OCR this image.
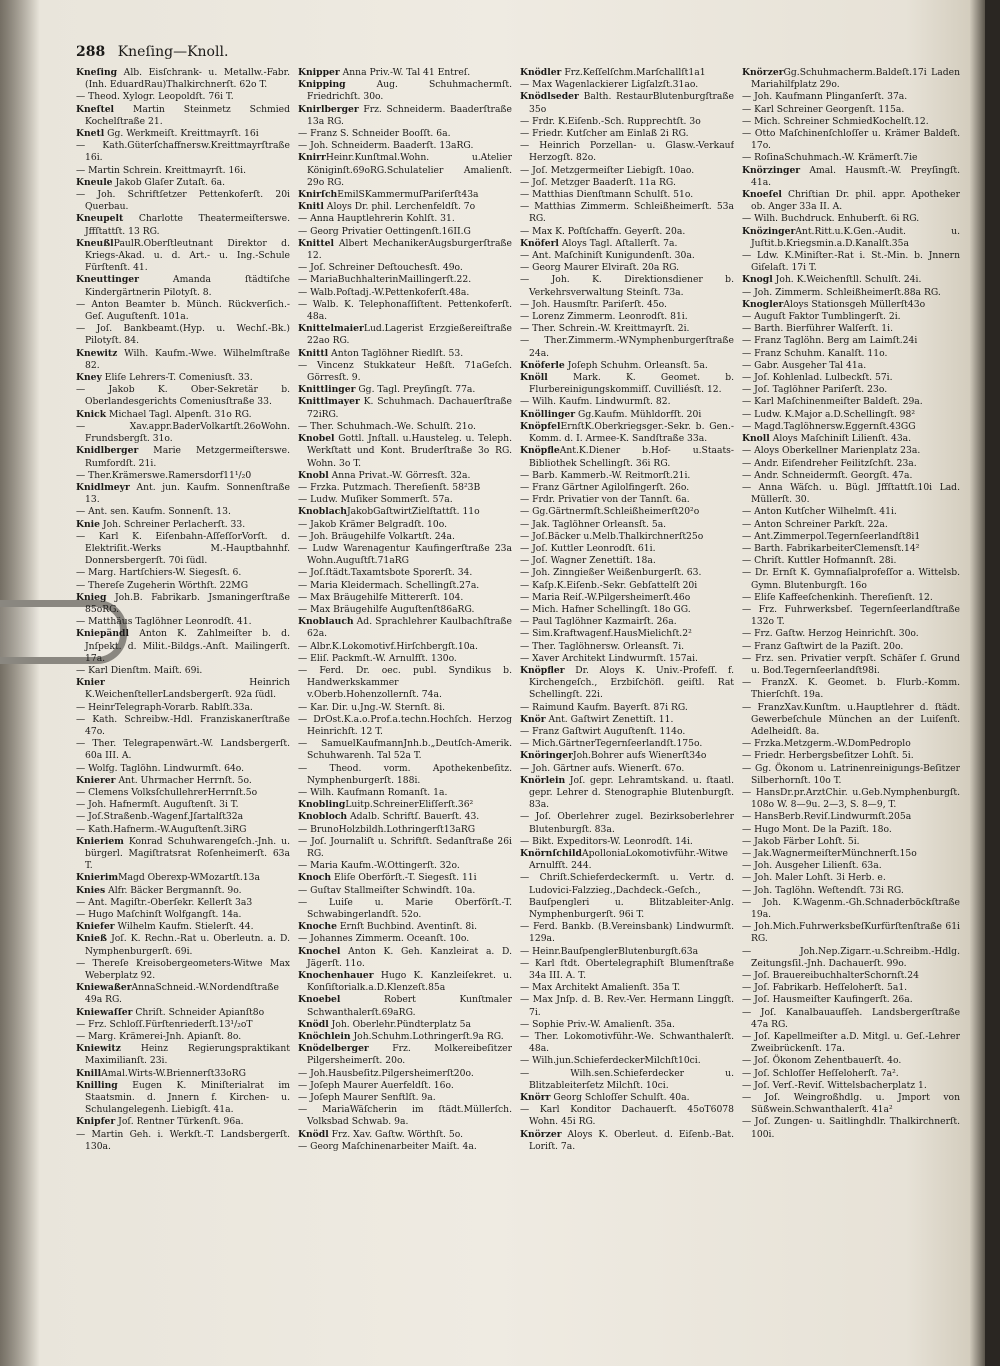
288 Kneſing—Knoll.

Kneſing Alb. Eisſchrank- u. Metallw.-Fabr. (Inh. EduardRau)Thalkirchnerſt. 62o T.

— Theod. Xylogr. Leopoldſt. 76i T.

Kneſtel Martin Steinmetz Schmied Kochelſtraße 21.

Knetl Gg. Werkmeiſt. Kreittmayrſt. 16i

— Kath.Güterſchaffnersw.Kreittmayrſtraße 16i.

— Martin Schrein. Kreittmayrſt. 16i.

Kneule Jakob Glaſer Zutaſt. 6a.

— Joh. Schriftſetzer Pettenkoferſt. 20i Querbau.

Kneupelt Charlotte Theatermeiſterswe. Jffſtattſt. 13 RG.

KneußlPaulR.Oberſtleutnant Direktor d. Kriegs-Akad. u. d. Art.- u. Ing.-Schule Fürſtenſt. 41.

Kneuttinger Amanda ſtädtiſche Kindergärtnerin Pilotyſt. 8.

— Anton Beamter b. Münch. Rückverſich.-Geſ. Auguſtenſt. 101a.

— Joſ. Bankbeamt.(Hyp. u. Wechſ.-Bk.) Pilotyſt. 84.

Knewitz Wilh. Kaufm.-Wwe. Wilhelmſtraße 82.

Kney Eliſe Lehrers-T. Comeniusſt. 33.

— Jakob K. Ober-Sekretär b. Oberlandesgerichts Comeniusſtraße 33.

Knick Michael Tagl. Alpenſt. 31o RG.

— Xav.appr.BaderVolkartſt.26oWohn. Frundsbergſt. 31o.

Knidlberger Marie Metzgermeiſterswe. Rumfordſt. 21i.

— Ther.Krämerswe.Ramersdorf11¹/₂0

Knidlmeyr Ant. jun. Kaufm. Sonnenſtraße 13.

— Ant. sen. Kaufm. Sonnenſt. 13.

Knie Joh. Schreiner Perlacherſt. 33.

— Karl K. Eiſenbahn-AſſeſſorVorſt. d. Elektriſit.-Werks M.-Hauptbahnhf. Donnersbergerſt. 70i ſüdl.

— Marg. Hartſchiers-W. Siegesſt. 6.

— Thereſe Zugeherin Wörthſt. 22MG

Knieg Joh.B. Fabrikarb. Jsmaningerſtraße 85oRG.

— Matthäus Taglöhner Leonrodſt. 41.

Kniepändl Anton K. Zahlmeiſter b. d. Jnſpekt. d. Milit.-Bildgs.-Anſt. Mailingerſt. 17a.

— Karl Dienſtm. Maiſt. 69i.

Knier Heinrich K.WeichenſtellerLandsbergerſt. 92a ſüdl.

— HeinrTelegraph-Vorarb. Rablſt.33a.

— Kath. Schreibw.-Hdl. Franziskanerſtraße 47o.

— Ther. Telegrapenwärt.-W. Landsbergerſt. 60a III. A.

— Wolfg. Taglöhn. Lindwurmſt. 64o.

Knierer Ant. Uhrmacher Herrnſt. 5o.

— Clemens VolksſchullehrerHerrnſt.5o

— Joh. Hafnermſt. Auguſtenſt. 3i T.

— Joſ.Straßenb.-Wagenf.Jſartalſt32a

— Kath.Hafnerm.-W.Auguſtenſt.3iRG

Knieriem Konrad Schuhwarengeſch.-Jnh. u. bürgerl. Magiſtratsrat Roſenheimerſt. 63a T.

KnierimMagd Oberexp-WMozartſt.13a

Knies Alfr. Bäcker Bergmannſt. 9o.

— Ant. Magiſtr.-Oberſekr. Kellerſt 3a3

— Hugo Maſchinſt Wolfgangſt. 14a.

Kniefer Wilhelm Kaufm. Stielerſt. 44.

Knieß Joſ. K. Rechn.-Rat u. Oberleutn. a. D. Nymphenburgerſt. 69i.

— Thereſe Kreisobergeometers-Witwe Max Weberplatz 92.

KniewaßerAnnaSchneid.-W.Nordendſtraße 49a RG.

Kniewaſſer Chriſt. Schneider Apianſt8o

— Frz. Schloſſ.Fürſtenriederſt.13¹/₂oT

— Marg. Krämerei-Jnh. Apianſt. 8o.

Kniewitz Heinz Regierungspraktikant Maximilianſt. 23i.

KnillAmal.Wirts-W.Briennerſt33oRG

Knilling Eugen K. Miniſterialrat im Staatsmin. d. Jnnern f. Kirchen- u. Schulangelegenh. Liebigſt. 41a.

Knipfer Joſ. Rentner Türkenſt. 96a.

— Martin Geh. i. Werkſt.-T. Landsbergerſt. 130a.

Knipper Anna Priv.-W. Tal 41 Entreſ.

Knipping Aug. Schuhmachermſt. Friedrichſt. 30o.

Knirlberger Frz. Schneiderm. Baaderſtraße 13a RG.

— Franz S. Schneider Booſſt. 6a.

— Joh. Schneiderm. Baaderſt. 13aRG.

KnirrHeinr.Kunſtmal.Wohn. u.Atelier Königinſt.69oRG.Schulatelier Amalienſt. 29o RG.

KnirſchEmilSKammermuſPariſerſt43a

Knitl Aloys Dr. phil. Lerchenfeldſt. 7o

— Anna Hauptlehrerin Kohlſt. 31.

— Georg Privatier Oettingenſt.16II.G

Knittel Albert MechanikerAugsburgerſtraße 12.

— Joſ. Schreiner Deſtouchesſt. 49o.

— MariaBuchhalterinMaillingerſt.22.

— Walb.Poſtadj.-W.Pettenkoferſt.48a.

— Walb. K. Telephonaſſiſtent. Pettenkoferſt. 48a.

KnittelmaierLud.Lagerist Erzgießereiſtraße 22ao RG.

Knittl Anton Taglöhner Riedlſt. 53.

— Vincenz Stukkateur Heßſt. 71aGeſch. Görresſt. 9.

Knittlinger Gg. Tagl. Preyſingſt. 77a.

Knittlmayer K. Schuhmach. Dachauerſtraße 72iRG.

— Ther. Schuhmach.-We. Schulſt. 21o.

Knobel Gottl. Jnſtall. u.Hausteleg. u. Teleph. Werkſtatt und Kont. Bruderſtraße 3o RG. Wohn. 3o T.

Knobl Anna Privat.-W. Görresſt. 32a.

— Frzka. Putzmach. Thereſienſt. 58²3B

— Ludw. Muſiker Sommerſt. 57a.

KnoblachJakobGaſtwirtZielſtattſt. 11o

— Jakob Krämer Belgradſt. 10o.

— Joh. Bräugehilfe Volkartſt. 24a.

— Ludw Warenagentur Kaufingerſtraße 23a Wohn.Auguſtſt.71aRG

— Joſ.ſtädt.Taxamtsbote Sporerſt. 34.

— Maria Kleidermach. Schellingſt.27a.

— Max Bräugehilfe Mittererſt. 104.

— Max Bräugehilfe Auguſtenſt86aRG.

Knoblauch Ad. Sprachlehrer Kaulbachſtraße 62a.

— Albr.K.Lokomotivf.Hirſchbergſt.10a.

— Eliſ. Packmſt.-W. Arnulfſt. 130o.

— Ferd. Dr. oec. publ. Syndikus b. Handwerkskammer v.Oberb.Hohenzollernſt. 74a.

— Kar. Dir. u.Jng.-W. Sternſt. 8i.

— DrOst.K.a.o.Prof.a.techn.Hochſch. Herzog Heinrichſt. 12 T.

— SamuelKaufmannJnh.b.„Deutſch-Amerik. Schuhwarenh. Tal 52a T.

— Theod. vorm. Apothekenbeſitz. Nymphenburgerſt. 188i.

— Wilh. Kaufmann Romanſt. 1a.

KnoblingLuitp.SchreinerEliſſerſt.36²

Knobloch Adalb. Schriftſ. Bauerſt. 43.

— BrunoHolzbildh.Lothringerſt13aRG

— Joſ. Journaliſt u. Schriftſt. Sedanſtraße 26i RG.

— Maria Kaufm.-W.Ottingerſt. 32o.

Knoch Eliſe Oberförſt.-T. Siegesſt. 11i

— Guſtav Stallmeiſter Schwindſt. 10a.

— Luiſe u. Marie Oberförſt.-T. Schwabingerlandſt. 52o.

Knoche Ernſt Buchbind. Aventinſt. 8i.

— Johannes Zimmerm. Oceanſt. 10o.

Knochel Anton K. Geh. Kanzleirat a. D. Jägerſt. 11o.

Knochenhauer Hugo K. Kanzleiſekret. u. Konſiſtorialk.a.D.Klenzeſt.85a

Knoebel Robert Kunſtmaler Schwanthalerſt.69aRG.

Knödl Joh. Oberlehr.Pündterplatz 5a

Knöchlein Joh.Schuhm.Lothringerſt.9a RG.

Knödelberger Frz. Molkereibeſitzer Pilgersheimerſt. 20o.

— Joh.Hausbeſitz.Pilgersheimerſt20o.

— Joſeph Maurer Auerfeldſt. 16o.

— Joſeph Maurer Senftlſt. 9a.

— MariaWäſcherin im ſtädt.Müllerſch. Volksbad Schwab. 9a.

Knödl Frz. Xav. Gaſtw. Wörthſt. 5o.

— Georg Maſchinenarbeiter Maiſt. 4a.

Knödler Frz.Keſſelſchm.Marſchallſt1a1

— Max Wagenlackierer Ligſalzſt.31ao.

Knödlseder Balth. RestaurBlutenburgſtraße 35o

— Frdr. K.Eiſenb.-Sch. Rupprechtſt. 3o

— Friedr. Kutſcher am Einlaß 2i RG.

— Heinrich Porzellan- u. Glasw.-Verkauf Herzogſt. 82o.

— Joſ. Metzgermeiſter Liebigſt. 10ao.

— Joſ. Metzger Baaderſt. 11a RG.

— Matthias Dienſtmann Schulſt. 51o.

— Matthias Zimmerm. Schleißheimerſt. 53a RG.

— Max K. Poſtſchaffn. Geyerſt. 20a.

Knöferl Aloys Tagl. Aſtallerſt. 7a.

— Ant. Maſchiniſt Kunigundenſt. 30a.

— Georg Maurer Elviraſt. 20a RG.

— Joh. K. Direktionsdiener b. Verkehrsverwaltung Steinſt. 73a.

— Joh. Hausmſtr. Pariſerſt. 45o.

— Lorenz Zimmerm. Leonrodſt. 81i.

— Ther. Schrein.-W. Kreittmayrſt. 2i.

— Ther.Zimmerm.-WNymphenburgerſtraße 24a.

Knöferle Joſeph Schuhm. Orleansſt. 5a.

Knöll Mark. K. Geomet. b. Flurbereinigungskommiſſ. Cuvilliésſt. 12.

— Wilh. Kaufm. Lindwurmſt. 82.

Knöllinger Gg.Kaufm. Mühldorfſt. 20i

KnöpfelErnſtK.Oberkriegsger.-Sekr. b. Gen.-Komm. d. I. Armee-K. Sandſtraße 33a.

KnöpfleAnt.K.Diener b.Hof- u.Staats-Bibliothek Schellingſt. 36i RG.

— Barb. Kammerb.-W. Reitmorſt.21i.

— Franz Gärtner Agilolfingerſt. 26o.

— Frdr. Privatier von der Tannſt. 6a.

— Gg.Gärtnermſt.Schleißheimerſt20²o

— Jak. Taglöhner Orleansſt. 5a.

— Joſ.Bäcker u.Melb.Thalkirchnerſt25o

— Joſ. Kuttler Leonrodſt. 61i.

— Joſ. Wagner Zenettiſt. 18a.

— Joh. Zinngießer Weißenburgerſt. 63.

— Kaſp.K.Eiſenb.-Sekr. Gebſattelſt 20i

— Maria Reiſ.-W.Pilgersheimerſt.46o

— Mich. Hafner Schellingſt. 18o GG.

— Paul Taglöhner Kazmairſt. 26a.

— Sim.Kraftwagenf.HausMielichſt.2²

— Ther. Taglöhnersw. Orleansſt. 7i.

— Xaver Architekt Lindwurmſt. 157ai.

Knöpfler Dr. Aloys K. Univ.-Profeſſ. f. Kirchengeſch., Erzbiſchöfl. geiſtl. Rat Schellingſt. 22i.

— Raimund Kaufm. Bayerſt. 87i RG.

Knör Ant. Gaſtwirt Zenettiſt. 11.

— Franz Gaſtwirt Auguſtenſt. 114o.

— Mich.GärtnerTegernſeerlandſt.175o.

KnöringerJoh.Bohrer aufs Wienerſt34o

— Joh. Gärtner aufs. Wienerſt. 67o.

Knörlein Joſ. gepr. Lehramtskand. u. ſtaatl. gepr. Lehrer d. Stenographie Blutenburgſt. 83a.

— Joſ. Oberlehrer zugel. Bezirksoberlehrer Blutenburgſt. 83a.

— Bikt. Expeditors-W. Leonrodſt. 14i.

KnörnſchildApolloniaLokomotivführ.-Witwe Arnulfſt. 244.

— Chriſt.Schieferdeckermſt. u. Vertr. d. Ludovici-Falzzieg.,Dachdeck.-Geſch., Bauſpengleri u. Blitzableiter-Anlg. Nymphenburgerſt. 96i T.

— Ferd. Bankb. (B.Vereinsbank) Lindwurmſt. 129a.

— Heinr.BauſpenglerBlutenburgſt.63a

— Karl ſtdt. Obertelegraphiſt Blumenſtraße 34a III. A. T.

— Max Architekt Amalienſt. 35a T.

— Max Jnſp. d. B. Rev.-Ver. Hermann Linggſt. 7i.

— Sophie Priv.-W. Amalienſt. 35a.

— Ther. Lokomotivführ.-We. Schwanthalerſt. 48a.

— Wilh.jun.SchieferdeckerMilchſt10ci.

— Wilh.sen.Schieferdecker u. Blitzableiterſetz Milchſt. 10ci.

Knörr Georg Schloſſer Schulſt. 40a.

— Karl Konditor Dachauerſt. 45oT6078 Wohn. 45i RG.

Knörzer Aloys K. Oberleut. d. Eiſenb.-Bat. Loriſt. 7a.

KnörzerGg.Schuhmacherm.Baldeſt.17i Laden Mariahilfplatz 29o.

— Joh. Kaufmann Plinganſerſt. 37a.

— Karl Schreiner Georgenſt. 115a.

— Mich. Schreiner SchmiedKochelſt.12.

— Otto Maſchinenſchloſſer u. Krämer Baldeſt. 17o.

— RoſinaSchuhmach.-W. Krämerſt.7ie

Knörzinger Amal. Hausmſt.-W. Preyſingſt. 41a.

Knoeſel Chriſtian Dr. phil. appr. Apotheker ob. Anger 33a II. A.

— Wilh. Buchdruck. Enhuberſt. 6i RG.

KnözingerAnt.Ritt.u.K.Gen.-Audit. u. Juſtit.b.Kriegsmin.a.D.Kanalſt.35a

— Ldw. K.Miniſter.-Rat i. St.-Min. b. Jnnern Giſelaſt. 17i T.

Knogl Joh. K.Weichenſtll. Schulſt. 24i.

— Joh. Zimmerm. Schleißheimerſt.88a RG.

KnoglerAloys Stationsgeh Müllerſt43o

— Auguſt Faktor Tumblingerſt. 2i.

— Barth. Bierführer Walſerſt. 1i.

— Franz Taglöhn. Berg am Laimſt.24i

— Franz Schuhm. Kanalſt. 11o.

— Gabr. Ausgeher Tal 41a.

— Joſ. Kohlenlad. Lulbeckſt. 57i.

— Joſ. Taglöhner Pariſerſt. 23o.

— Karl Maſchinenmeiſter Baldeſt. 29a.

— Ludw. K.Major a.D.Schellingſt. 98²

— Magd.Taglöhnersw.Eggernſt.43GG

Knoll Aloys Maſchiniſt Lilienſt. 43a.

— Aloys Oberkellner Marienplatz 23a.

— Andr. Eiſendreher Feilitzſchſt. 23a.

— Andr. Schneidermſt. Georgſt. 47a.

— Anna Wäſch. u. Bügl. Jffſtattſt.10i Lad. Müllerſt. 30.

— Anton Kutſcher Wilhelmſt. 41i.

— Anton Schreiner Parkſt. 22a.

— Ant.Zimmerpol.Tegernſeerlandſt8i1

— Barth. FabrikarbeiterClemensſt.14²

— Chriſt. Kuttler Hofmannſt. 28i.

— Dr. Ernſt K. Gymnaſialprofeſſor a. Wittelsb. Gymn. Blutenburgſt. 16o

— Eliſe Kaffeeſchenkinh. Thereſienſt. 12.

— Frz. Fuhrwerksbeſ. Tegernſeerlandſtraße 132o T.

— Frz. Gaſtw. Herzog Heinrichſt. 30o.

— Franz Gaſtwirt de la Paziſt. 20o.

— Frz. sen. Privatier verpſt. Schäſer ſ. Grund u. Bod.Tegernſeerlandſt98i.

— FranzX. K. Geomet. b. Flurb.-Komm. Thierſchſt. 19a.

— FranzXav.Kunſtm. u.Hauptlehrer d. ſtädt. Gewerbeſchule München an der Luiſenſt. Adelheidſt. 8a.

— Frzka.Metzgerm.-W.DomPedroplo

— Friedr. Herbergsbeſitzer Lohſt. 5i.

— Gg. Ökonom u. Latrinenreinigungs-Beſitzer Silberhornſt. 10o T.

— HansDr.pr.ArztChir. u.Geb.Nymphenburgſt. 108o W. 8—9u. 2—3, S. 8—9, T.

— HansBerb.Reviſ.Lindwurmſt.205a

— Hugo Mont. De la Paziſt. 18o.

— Jakob Färber Lohſt. 5i.

— Jak.WagnermeiſterMünchnerſt.15o

— Joh. Ausgeher Lilienſt. 63a.

— Joh. Maler Lohſt. 3i Herb. e.

— Joh. Taglöhn. Weſtendſt. 73i RG.

— Joh. K.Wagenm.-Gh.Schnaderböckſtraße 19a.

— Joh.Mich.FuhrwerksbeſKurfürſtenſtraße 61i RG.

— Joh.Nep.Zigarr.-u.Schreibm.-Hdlg. Zeitungsſil.-Jnh. Dachauerſt. 99o.

— Joſ. BrauereibuchhalterSchornſt.24

— Joſ. Fabrikarb. Heſſeloherſt. 5a1.

— Joſ. Hausmeiſter Kaufingerſt. 26a.

— Joſ. Kanalbauaufſeh. Landsbergerſtraße 47a RG.

— Joſ. Kapellmeiſter a.D. Mitgl. u. Geſ.-Lehrer Zweibrückenſt. 17a.

— Joſ. Ökonom Zehentbauerſt. 4o.

— Joſ. Schloſſer Heſſeloherſt. 7a².

— Joſ. Verſ.-Reviſ. Wittelsbacherplatz 1.

— Joſ. Weingroßhdlg. u. Jmport von Süßwein.Schwanthalerſt. 41a²

— Joſ. Zungen- u. Saitlinghdlr. Thalkirchnerſt. 100i.
